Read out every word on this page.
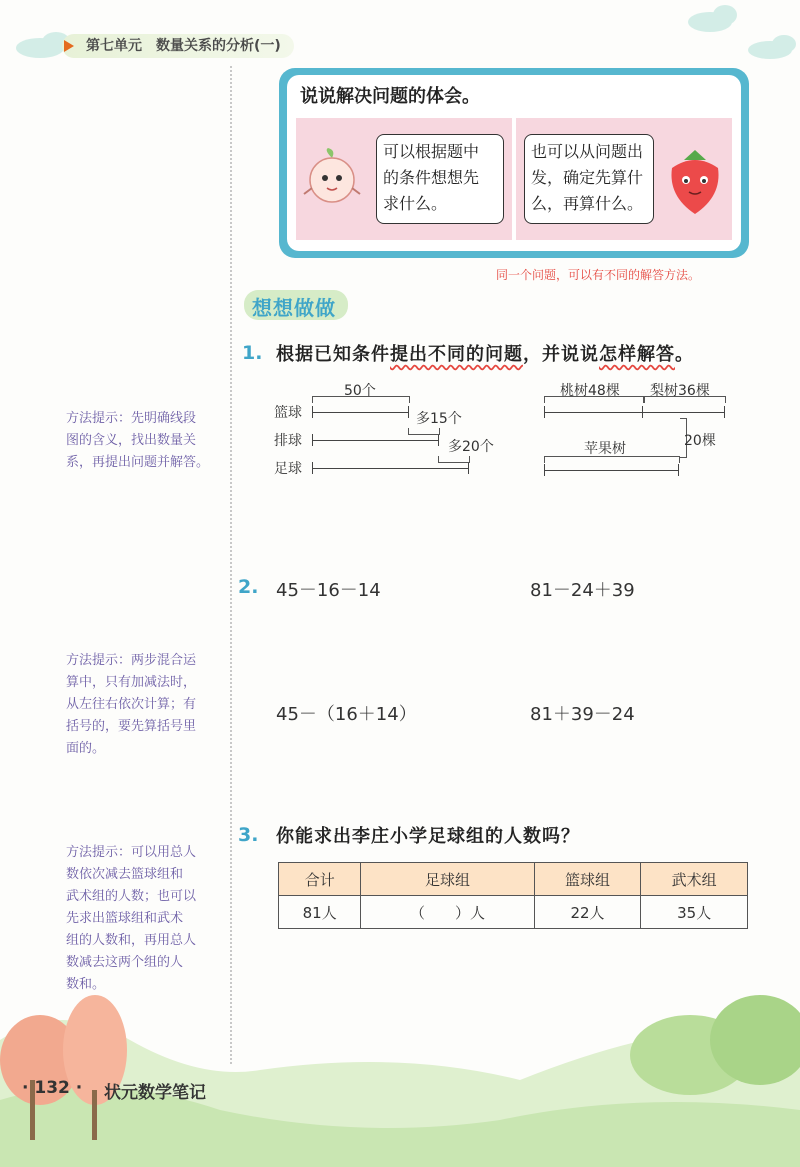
第七单元　数量关系的分析(一)
说说解决问题的体会。
可以根据题中
的条件想想先
求什么。
也可以从问题出
发，确定先算什
么，再算什么。
同一个问题，可以有不同的解答方法。
想想做做
1. 根据已知条件提出不同的问题，并说说怎样解答。
50个
篮球
排球
足球
多15个
多20个
桃树48棵 梨树36棵
20棵
苹果树
2. 45－16－14	81－24＋39
45－（16＋14）	81＋39－24
方法提示：先明确线段
图的含义，找出数量关
系，再提出问题并解答。
方法提示：两步混合运
算中，只有加减法时，
从左往右依次计算；有
括号的，要先算括号里
面的。
方法提示：可以用总人
数依次减去篮球组和
武术组的人数；也可以
先求出篮球组和武术
组的人数和，再用总人
数减去这两个组的人
数和。
3. 你能求出李庄小学足球组的人数吗？
合计	足球组	篮球组	武术组
81人	（　　）人	22人	35人
· 132 · 状元数学笔记
